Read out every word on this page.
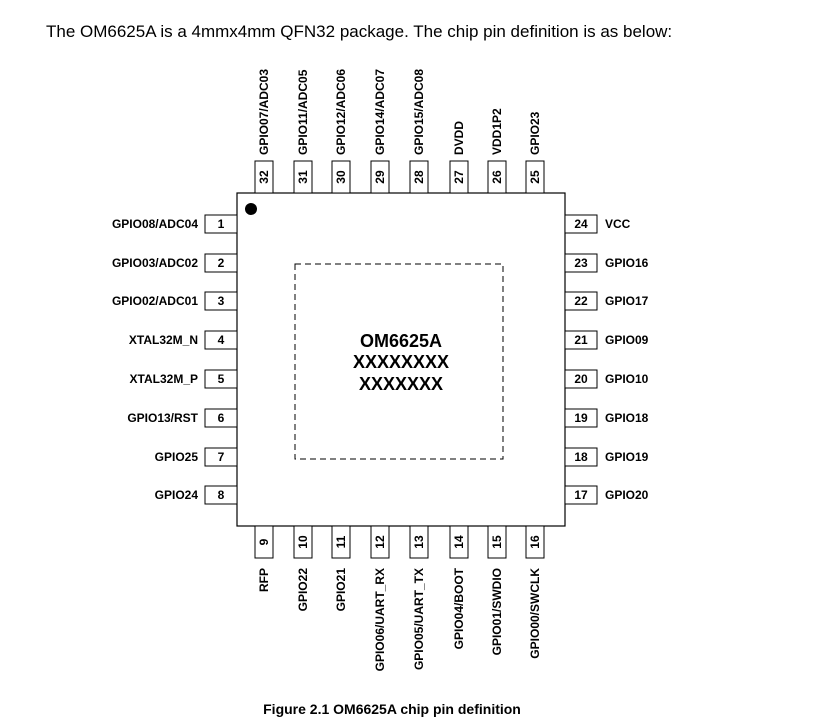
The OM6625A is a 4mmx4mm QFN32 package. The chip pin definition is as below:
OM6625A
XXXXXXXX
XXXXXXX
1
GPIO08/ADC04
2
GPIO03/ADC02
3
GPIO02/ADC01
4
XTAL32M_N
5
XTAL32M_P
6
GPIO13/RST
7
GPIO25
8
GPIO24
24 VCC
23 GPIO16
22 GPIO17
21 GPIO09
20 GPIO10
19 GPIO18
18 GPIO19
17 GPIO20
32
GPIO07/ADC03
31
GPIO11/ADC05
30
GPIO12/ADC06
29
GPIO14/ADC07
28
GPIO15/ADC08
27
DVDD
26
VDD1P2
25
GPIO23
9
RFP
10
GPIO22
11
GPIO21
12
GPIO06/UART_RX
13
GPIO05/UART_TX
14
GPIO04/BOOT
15
GPIO01/SWDIO
16
GPIO00/SWCLK
Figure 2.1 OM6625A chip pin definition
